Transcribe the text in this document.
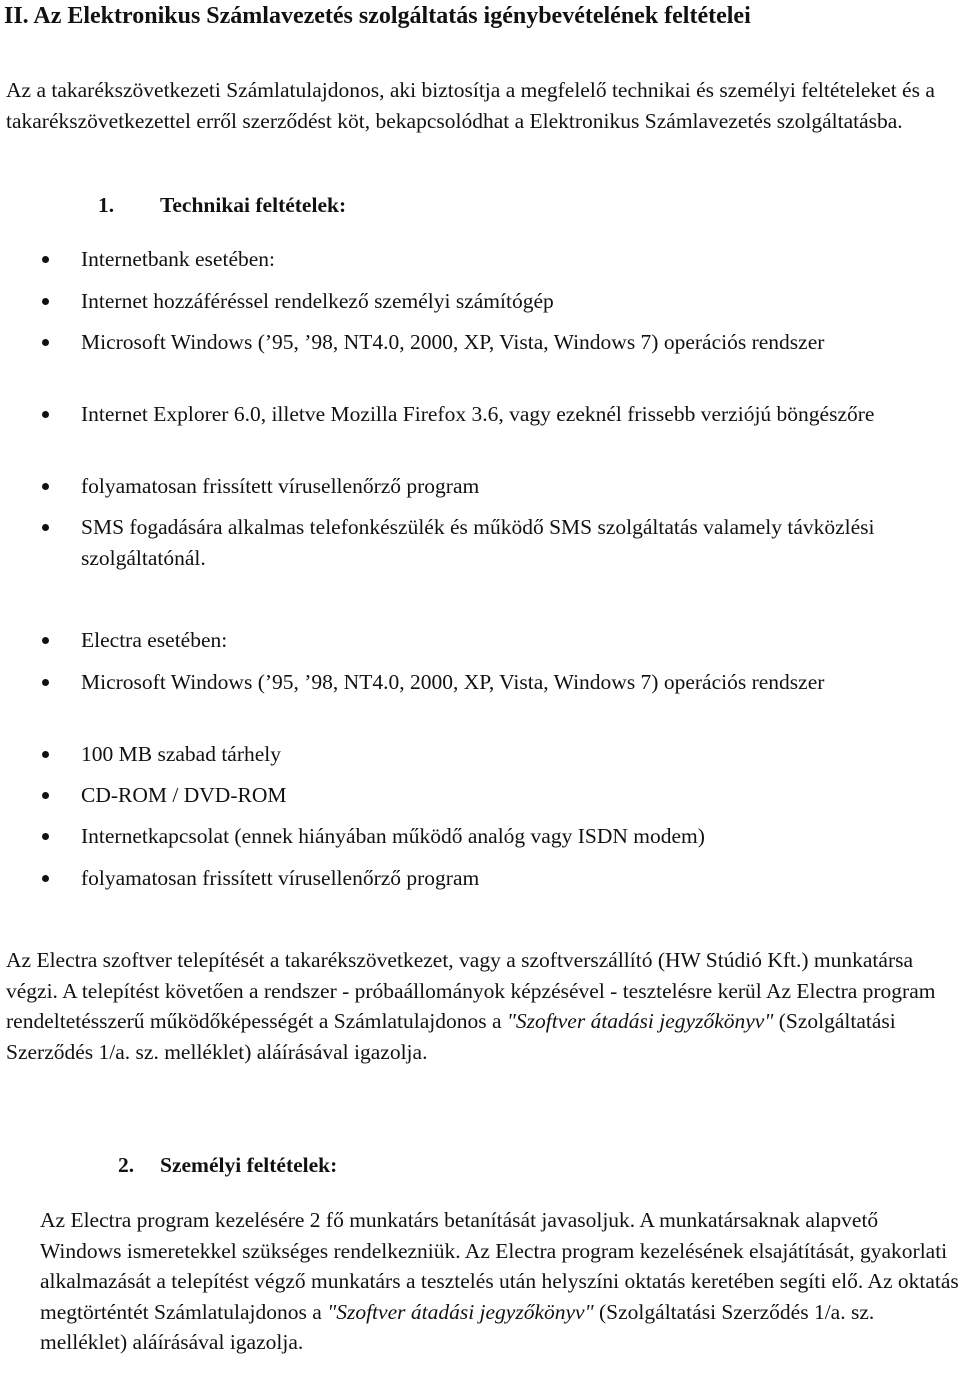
II. Az Elektronikus Számlavezetés szolgáltatás igénybevételének feltételei

Az a takarékszövetkezeti Számlatulajdonos, aki biztosítja a megfelelő technikai és személyi feltételeket és a takarékszövetkezettel erről szerződést köt, bekapcsolódhat a Elektronikus Számlavezetés szolgáltatásba.

1. Technikai feltételek:
Internetbank esetében:
Internet hozzáféréssel rendelkező személyi számítógép
Microsoft Windows (’95, ’98, NT4.0, 2000, XP, Vista, Windows 7) operációs rendszer
Internet Explorer 6.0, illetve Mozilla Firefox 3.6, vagy ezeknél frissebb verziójú böngészőre
folyamatosan frissített vírusellenőrző program
SMS fogadására alkalmas telefonkészülék és működő SMS szolgáltatás valamely távközlési szolgáltatónál.
Electra esetében:
Microsoft Windows (’95, ’98, NT4.0, 2000, XP, Vista, Windows 7) operációs rendszer
100 MB szabad tárhely
CD-ROM / DVD-ROM
Internetkapcsolat (ennek hiányában működő analóg vagy ISDN modem)
folyamatosan frissített vírusellenőrző program

Az Electra szoftver telepítését a takarékszövetkezet, vagy a szoftverszállító (HW Stúdió Kft.) munkatársa végzi. A telepítést követően a rendszer - próbaállományok képzésével - tesztelésre kerül Az Electra program rendeltetésszerű működőképességét a Számlatulajdonos a "Szoftver átadási jegyzőkönyv" (Szolgáltatási Szerződés 1/a. sz. melléklet) aláírásával igazolja.

2. Személyi feltételek:

Az Electra program kezelésére 2 fő munkatárs betanítását javasoljuk. A munkatársaknak alapvető Windows ismeretekkel szükséges rendelkezniük. Az Electra program kezelésének elsajátítását, gyakorlati alkalmazását a telepítést végző munkatárs a tesztelés után helyszíni oktatás keretében segíti elő. Az oktatás megtörténtét Számlatulajdonos a "Szoftver átadási jegyzőkönyv" (Szolgáltatási Szerződés 1/a. sz. melléklet) aláírásával igazolja.
